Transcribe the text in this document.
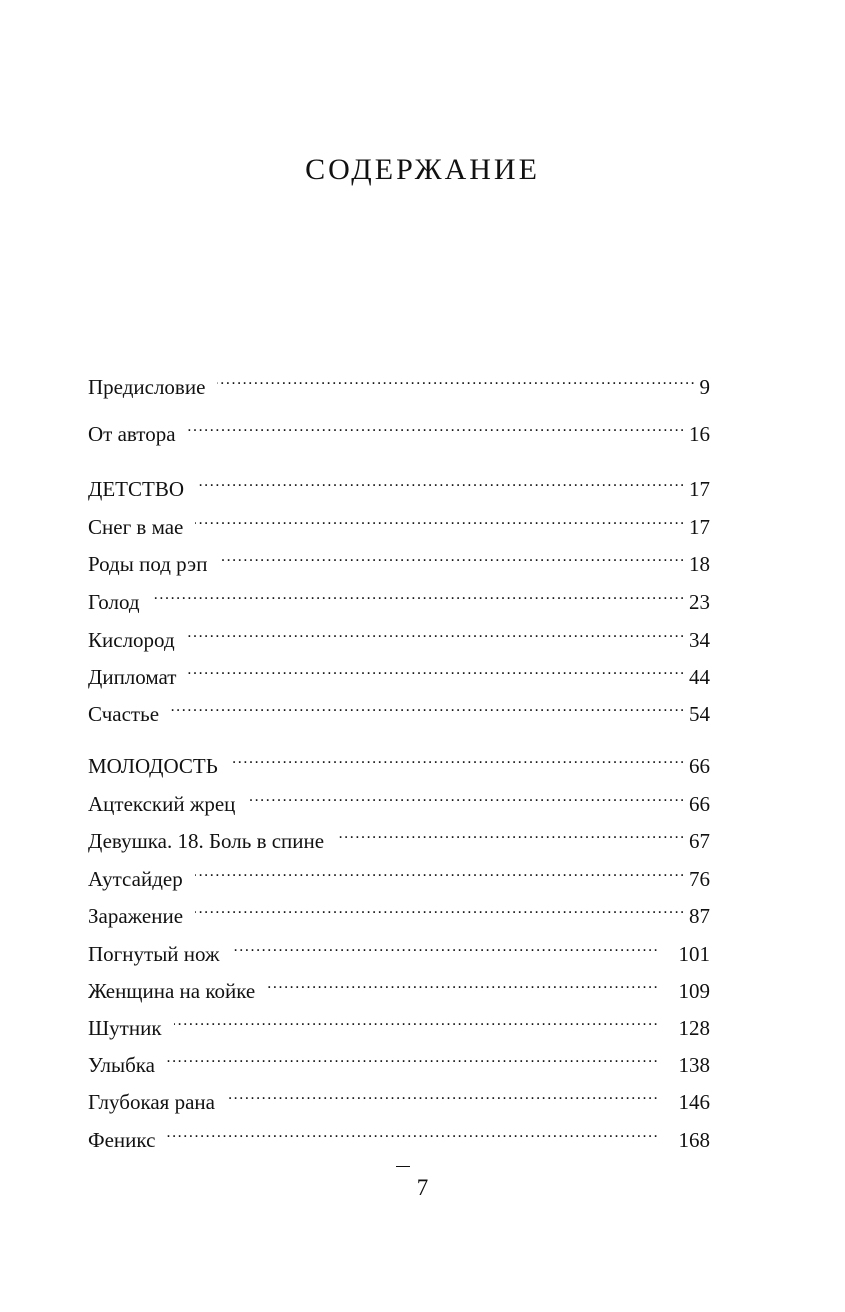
СОДЕРЖАНИЕ
Предисловие . . .	9
От автора . . .	16
ДЕТСТВО . . .	17
Снег в мае . . .	17
Роды под рэп . . .	18
Голод . . .	23
Кислород . . .	34
Дипломат . . .	44
Счастье . . .	54
МОЛОДОСТЬ . . .	66
Ацтекский жрец . . .	66
Девушка. 18. Боль в спине . . .	67
Аутсайдер . . .	76
Заражение . . .	87
Погнутый нож . . .	101
Женщина на койке . . .	109
Шутник . . .	128
Улыбка . . .	138
Глубокая рана . . .	146
Феникс . . .	168
7
